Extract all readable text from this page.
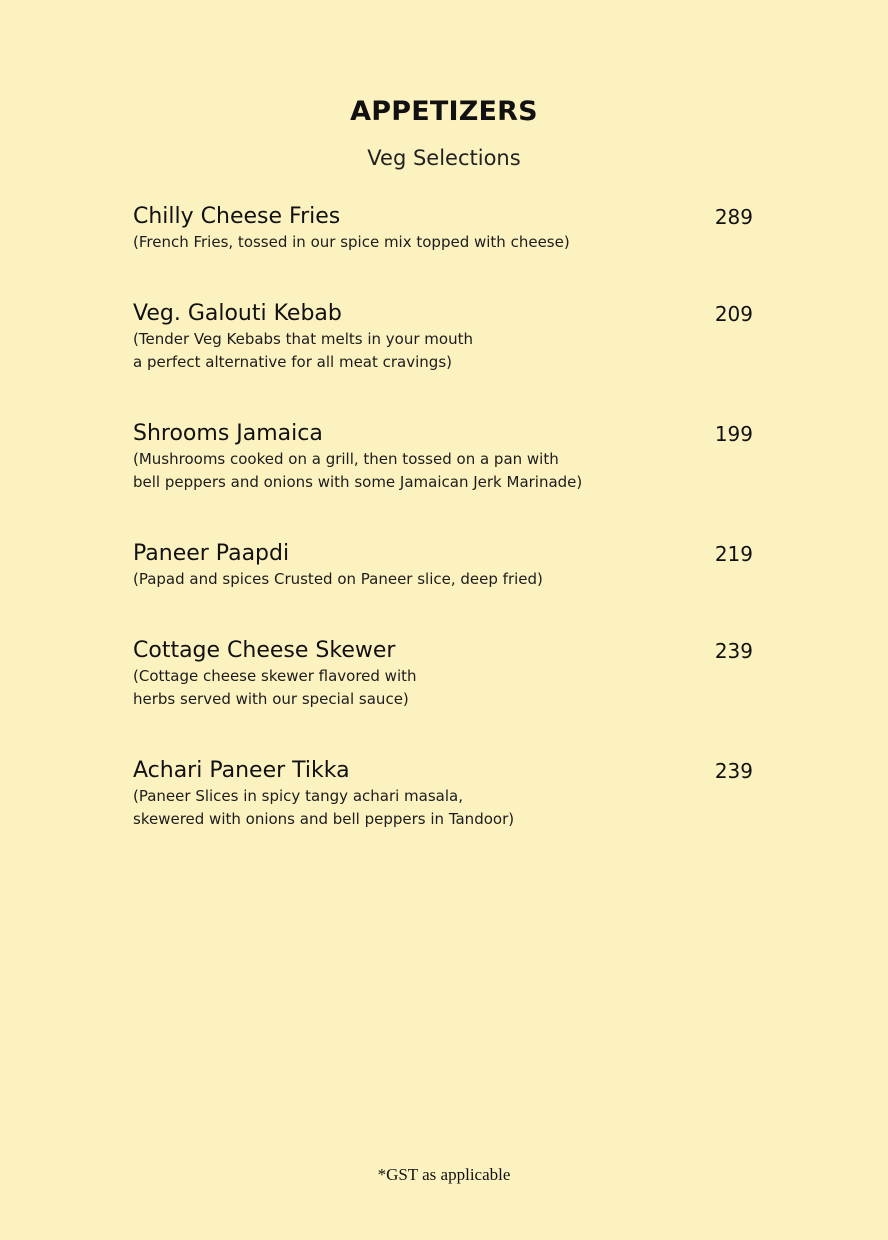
APPETIZERS
Veg Selections
Chilly Cheese Fries	289
(French Fries, tossed in our spice mix topped with cheese)
Veg. Galouti Kebab	209
(Tender Veg Kebabs that melts in your mouth
a perfect alternative for all meat cravings)
Shrooms Jamaica	199
(Mushrooms cooked on a grill, then tossed on a pan with
bell peppers and onions with some Jamaican Jerk Marinade)
Paneer Paapdi	219
(Papad and spices Crusted on Paneer slice, deep fried)
Cottage Cheese Skewer	239
(Cottage cheese skewer flavored with
herbs served with our special sauce)
Achari Paneer Tikka	239
(Paneer Slices in spicy tangy achari masala,
skewered with onions and bell peppers in Tandoor)
*GST as applicable
